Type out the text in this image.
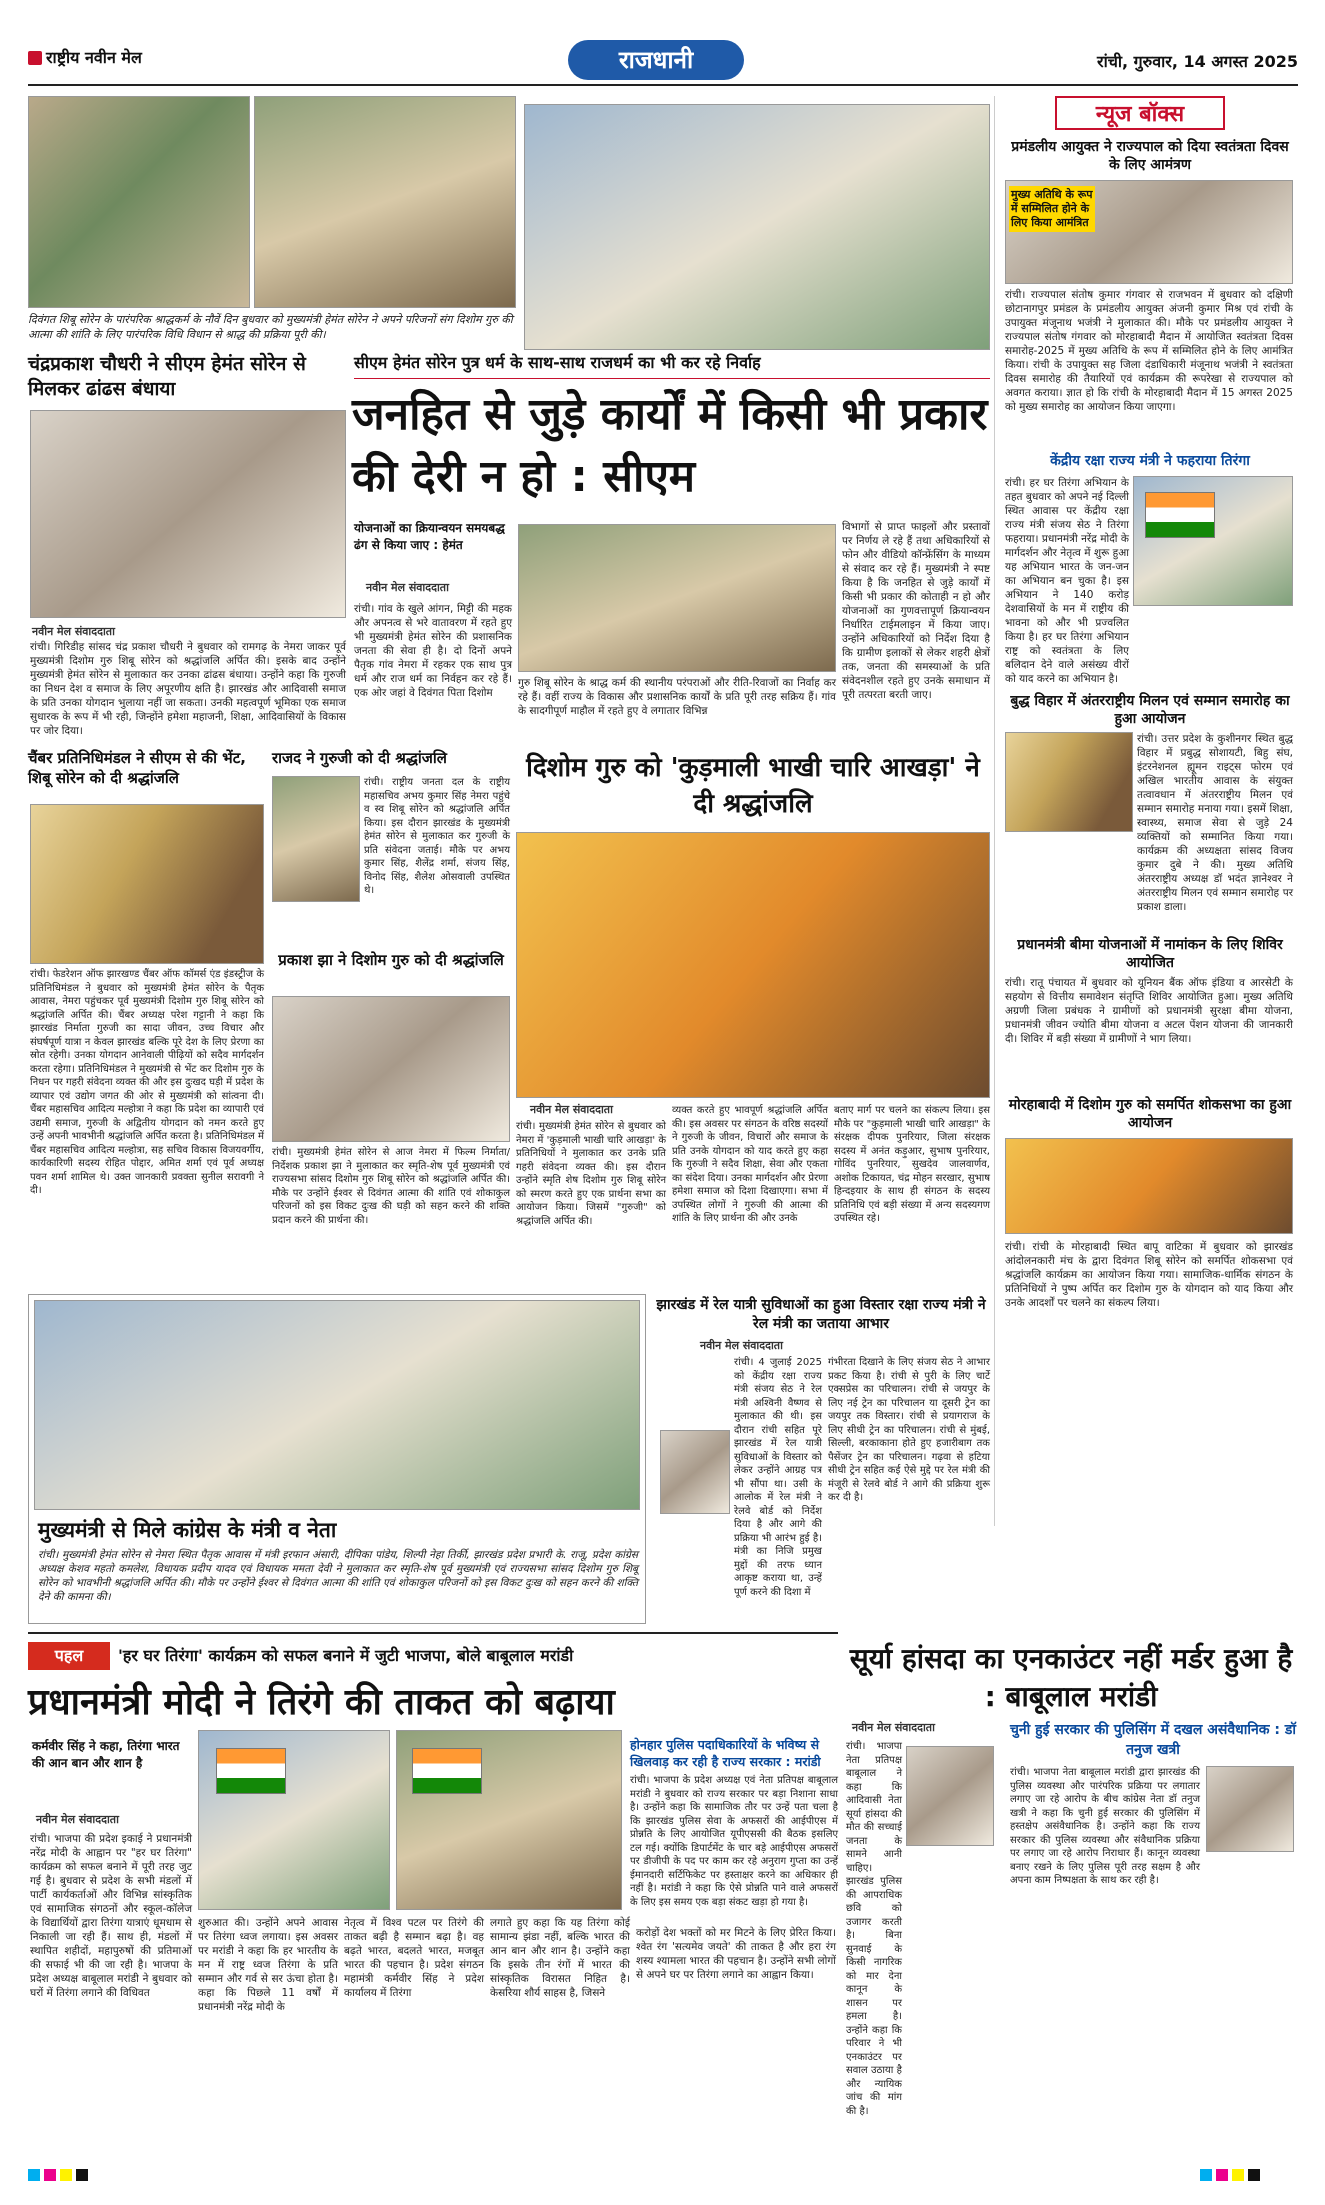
राष्ट्रीय नवीन मेल	राजधानी	रांची, गुरुवार, 14 अगस्त 2025
दिवंगत शिबू सोरेन के पारंपरिक श्राद्धकर्म के नौवें दिन बुधवार को मुख्यमंत्री हेमंत सोरेन ने अपने परिजनों संग दिशोम गुरु की आत्मा की शांति के लिए पारंपरिक विधि विधान से श्राद्ध की प्रक्रिया पूरी की।
न्यूज बॉक्स
प्रमंडलीय आयुक्त ने राज्यपाल को दिया स्वतंत्रता दिवस के लिए आमंत्रण
मुख्य अतिथि के रूप में सम्मिलित होने के लिए किया आमंत्रित
रांची। राज्यपाल संतोष कुमार गंगवार से राजभवन में बुधवार को दक्षिणी छोटानागपुर प्रमंडल के प्रमंडलीय आयुक्त अंजनी कुमार मिश्र एवं रांची के उपायुक्त मंजूनाथ भजंत्री ने मुलाकात की। मौके पर प्रमंडलीय आयुक्त ने राज्यपाल संतोष गंगवार को मोरहाबादी मैदान में आयोजित स्वतंत्रता दिवस समारोह-2025 में मुख्य अतिथि के रूप में सम्मिलित होने के लिए आमंत्रित किया। रांची के उपायुक्त सह जिला दंडाधिकारी मंजूनाथ भजंत्री ने स्वतंत्रता दिवस समारोह की तैयारियों एवं कार्यक्रम की रूपरेखा से राज्यपाल को अवगत कराया। ज्ञात हो कि रांची के मोरहाबादी मैदान में 15 अगस्त 2025 को मुख्य समारोह का आयोजन किया जाएगा।
केंद्रीय रक्षा राज्य मंत्री ने फहराया तिरंगा
रांची। हर घर तिरंगा अभियान के तहत बुधवार को अपने नई दिल्ली स्थित आवास पर केंद्रीय रक्षा राज्य मंत्री संजय सेठ ने तिरंगा फहराया। प्रधानमंत्री नरेंद्र मोदी के मार्गदर्शन और नेतृत्व में शुरू हुआ यह अभियान भारत के जन-जन का अभियान बन चुका है। इस अभियान ने 140 करोड़ देशवासियों के मन में राष्ट्रीय की भावना को और भी प्रज्वलित किया है। हर घर तिरंगा अभियान राष्ट्र को स्वतंत्रता के लिए बलिदान देने वाले असंख्य वीरों को याद करने का अभियान है।
बुद्ध विहार में अंतरराष्ट्रीय मिलन एवं सम्मान समारोह का हुआ आयोजन
रांची। उत्तर प्रदेश के कुशीनगर स्थित बुद्ध विहार में प्रबुद्ध सोशायटी, बिहु संघ, इंटरनेशनल ह्यूमन राइट्स फोरम एवं अखिल भारतीय आवास के संयुक्त तत्वावधान में अंतरराष्ट्रीय मिलन एवं सम्मान समारोह मनाया गया। इसमें शिक्षा, स्वास्थ्य, समाज सेवा से जुड़े 24 व्यक्तियों को सम्मानित किया गया। कार्यक्रम की अध्यक्षता सांसद विजय कुमार दुबे ने की। मुख्य अतिथि अंतरराष्ट्रीय अध्यक्ष डॉ भदंत ज्ञानेश्वर ने अंतरराष्ट्रीय मिलन एवं सम्मान समारोह पर प्रकाश डाला।
प्रधानमंत्री बीमा योजनाओं में नामांकन के लिए शिविर आयोजित
रांची। रातू पंचायत में बुधवार को यूनियन बैंक ऑफ इंडिया व आरसेटी के सहयोग से वित्तीय समावेशन संतृप्ति शिविर आयोजित हुआ। मुख्य अतिथि अग्रणी जिला प्रबंधक ने ग्रामीणों को प्रधानमंत्री सुरक्षा बीमा योजना, प्रधानमंत्री जीवन ज्योति बीमा योजना व अटल पेंशन योजना की जानकारी दी। शिविर में बड़ी संख्या में ग्रामीणों ने भाग लिया।
मोरहाबादी में दिशोम गुरु को समर्पित शोकसभा का हुआ आयोजन
रांची। रांची के मोरहाबादी स्थित बापू वाटिका में बुधवार को झारखंड आंदोलनकारी मंच के द्वारा दिवंगत शिबू सोरेन को समर्पित शोकसभा एवं श्रद्धांजलि कार्यक्रम का आयोजन किया गया। सामाजिक-धार्मिक संगठन के प्रतिनिधियों ने पुष्प अर्पित कर दिशोम गुरु के योगदान को याद किया और उनके आदर्शों पर चलने का संकल्प लिया।
चंद्रप्रकाश चौधरी ने सीएम हेमंत सोरेन से मिलकर ढांढस बंधाया
नवीन मेल संवाददाता
रांची। गिरिडीह सांसद चंद्र प्रकाश चौधरी ने बुधवार को रामगढ़ के नेमरा जाकर पूर्व मुख्यमंत्री दिशोम गुरु शिबू सोरेन को श्रद्धांजलि अर्पित की। इसके बाद उन्होंने मुख्यमंत्री हेमंत सोरेन से मुलाकात कर उनका ढांढस बंधाया। उन्होंने कहा कि गुरुजी का निधन देश व समाज के लिए अपूरणीय क्षति है। झारखंड और आदिवासी समाज के प्रति उनका योगदान भुलाया नहीं जा सकता। उनकी महत्वपूर्ण भूमिका एक समाज सुधारक के रूप में भी रही, जिन्होंने हमेशा महाजनी, शिक्षा, आदिवासियों के विकास पर जोर दिया।
सीएम हेमंत सोरेन पुत्र धर्म के साथ-साथ राजधर्म का भी कर रहे निर्वाह
जनहित से जुड़े कार्यों में किसी भी प्रकार की देरी न हो : सीएम
योजनाओं का क्रियान्वयन समयबद्ध ढंग से किया जाए : हेमंत
नवीन मेल संवाददाता
रांची। गांव के खुले आंगन, मिट्टी की महक और अपनत्व से भरे वातावरण में रहते हुए भी मुख्यमंत्री हेमंत सोरेन की प्रशासनिक जनता की सेवा ही है। दो दिनों अपने पैतृक गांव नेमरा में रहकर एक साथ पुत्र धर्म और राज धर्म का निर्वहन कर रहे हैं। एक ओर जहां वे दिवंगत पिता दिशोम
गुरु शिबू सोरेन के श्राद्ध कर्म की स्थानीय परंपराओं और रीति-रिवाजों का निर्वाह कर रहे हैं। वहीं राज्य के विकास और प्रशासनिक कार्यों के प्रति पूरी तरह सक्रिय हैं। गांव के सादगीपूर्ण माहौल में रहते हुए वे लगातार विभिन्न
विभागों से प्राप्त फाइलों और प्रस्तावों पर निर्णय ले रहे हैं तथा अधिकारियों से फोन और वीडियो कॉन्फ्रेंसिंग के माध्यम से संवाद कर रहे हैं। मुख्यमंत्री ने स्पष्ट किया है कि जनहित से जुड़े कार्यों में किसी भी प्रकार की कोताही न हो और योजनाओं का गुणवत्तापूर्ण क्रियान्वयन निर्धारित टाईमलाइन में किया जाए। उन्होंने अधिकारियों को निर्देश दिया है कि ग्रामीण इलाकों से लेकर शहरी क्षेत्रों तक, जनता की समस्याओं के प्रति संवेदनशील रहते हुए उनके समाधान में पूरी तत्परता बरती जाए।
चैंबर प्रतिनिधिमंडल ने सीएम से की भेंट, शिबू सोरेन को दी श्रद्धांजलि
रांची। फेडरेशन ऑफ झारखण्ड चैंबर ऑफ कॉमर्स एंड इंडस्ट्रीज के प्रतिनिधिमंडल ने बुधवार को मुख्यमंत्री हेमंत सोरेन के पैतृक आवास, नेमरा पहुंचकर पूर्व मुख्यमंत्री दिशोम गुरु शिबू सोरेन को श्रद्धांजलि अर्पित की। चैंबर अध्यक्ष परेश गट्टानी ने कहा कि झारखंड निर्माता गुरुजी का सादा जीवन, उच्च विचार और संघर्षपूर्ण यात्रा न केवल झारखंड बल्कि पूरे देश के लिए प्रेरणा का स्रोत रहेगी। उनका योगदान आनेवाली पीढ़ियों को सदैव मार्गदर्शन करता रहेगा। प्रतिनिधिमंडल ने मुख्यमंत्री से भेंट कर दिशोम गुरु के निधन पर गहरी संवेदना व्यक्त की और इस दुःखद घड़ी में प्रदेश के व्यापार एवं उद्योग जगत की ओर से मुख्यमंत्री को सांत्वना दी। चैंबर महासचिव आदित्य मल्होत्रा ने कहा कि प्रदेश का व्यापारी एवं उद्यमी समाज, गुरुजी के अद्वितीय योगदान को नमन करते हुए उन्हें अपनी भावभीनी श्रद्धांजलि अर्पित करता है। प्रतिनिधिमंडल में चैंबर महासचिव आदित्य मल्होत्रा, सह सचिव विकास विजयवर्गीय, कार्यकारिणी सदस्य रोहित पोद्दार, अमित शर्मा एवं पूर्व अध्यक्ष पवन शर्मा शामिल थे। उक्त जानकारी प्रवक्ता सुनील सरावगी ने दी।
राजद ने गुरुजी को दी श्रद्धांजलि
रांची। राष्ट्रीय जनता दल के राष्ट्रीय महासचिव अभय कुमार सिंह नेमरा पहुंचे व स्व शिबू सोरेन को श्रद्धांजलि अर्पित किया। इस दौरान झारखंड के मुख्यमंत्री हेमंत सोरेन से मुलाकात कर गुरुजी के प्रति संवेदना जताई। मौके पर अभय कुमार सिंह, शैलेंद्र शर्मा, संजय सिंह, विनोद सिंह, शैलेश ओसवाली उपस्थित थे।
प्रकाश झा ने दिशोम गुरु को दी श्रद्धांजलि
रांची। मुख्यमंत्री हेमंत सोरेन से आज नेमरा में फिल्म निर्माता/ निर्देशक प्रकाश झा ने मुलाकात कर स्मृति-शेष पूर्व मुख्यमंत्री एवं राज्यसभा सांसद दिशोम गुरु शिबू सोरेन को श्रद्धांजलि अर्पित की। मौके पर उन्होंने ईश्वर से दिवंगत आत्मा की शांति एवं शोकाकुल परिजनों को इस विकट दुःख की घड़ी को सहन करने की शक्ति प्रदान करने की प्रार्थना की।
दिशोम गुरु को 'कुड़माली भाखी चारि आखड़ा' ने दी श्रद्धांजलि
नवीन मेल संवाददाता
रांची। मुख्यमंत्री हेमंत सोरेन से बुधवार को नेमरा में 'कुड़माली भाखी चारि आखड़ा' के प्रतिनिधियों ने मुलाकात कर उनके प्रति गहरी संवेदना व्यक्त की। इस दौरान उन्होंने स्मृति शेष दिशोम गुरु शिबू सोरेन को स्मरण करते हुए एक प्रार्थना सभा का आयोजन किया। जिसमें "गुरुजी" को श्रद्धांजलि अर्पित की।
व्यक्त करते हुए भावपूर्ण श्रद्धांजलि अर्पित की। इस अवसर पर संगठन के वरिष्ठ सदस्यों ने गुरुजी के जीवन, विचारों और समाज के प्रति उनके योगदान को याद करते हुए कहा कि गुरुजी ने सदैव शिक्षा, सेवा और एकता का संदेश दिया। उनका मार्गदर्शन और प्रेरणा हमेशा समाज को दिशा दिखाएगा। सभा में उपस्थित लोगों ने गुरुजी की आत्मा की शांति के लिए प्रार्थना की और उनके
बताए मार्ग पर चलने का संकल्प लिया। इस मौके पर "कुड़माली भाखी चारि आखड़ा" के संरक्षक दीपक पुनरियार, जिला संरक्षक सदस्य में अनंत कड़ुआर, सुभाष पुनरियार, गोविंद पुनरियार, सुखदेव जालवार्णव, अशोक टिकायत, चंद्र मोहन सरखार, सुभाष हिन्दइयार के साथ ही संगठन के सदस्य प्रतिनिधि एवं बड़ी संख्या में अन्य सदस्यगण उपस्थित रहे।
मुख्यमंत्री से मिले कांग्रेस के मंत्री व नेता
रांची। मुख्यमंत्री हेमंत सोरेन से नेमरा स्थित पैतृक आवास में मंत्री इरफान अंसारी, दीपिका पांडेय, शिल्पी नेहा तिर्की, झारखंड प्रदेश प्रभारी के. राजू, प्रदेश कांग्रेस अध्यक्ष केशव महतो कमलेश, विधायक प्रदीप यादव एवं विधायक ममता देवी ने मुलाकात कर स्मृति-शेष पूर्व मुख्यमंत्री एवं राज्यसभा सांसद दिशोम गुरु शिबू सोरेन को भावभीनी श्रद्धांजलि अर्पित की। मौके पर उन्होंने ईश्वर से दिवंगत आत्मा की शांति एवं शोकाकुल परिजनों को इस विकट दुःख को सहन करने की शक्ति देने की कामना की।
झारखंड में रेल यात्री सुविधाओं का हुआ विस्तार रक्षा राज्य मंत्री ने रेल मंत्री का जताया आभार
नवीन मेल संवाददाता
रांची। 4 जुलाई 2025 को केंद्रीय रक्षा राज्य मंत्री संजय सेठ ने रेल मंत्री अश्विनी वैष्णव से मुलाकात की थी। इस दौरान रांची सहित पूरे झारखंड में रेल यात्री सुविधाओं के विस्तार को लेकर उन्होंने आग्रह पत्र भी सौंपा था। उसी के आलोक में रेल मंत्री ने रेलवे बोर्ड को निर्देश दिया है और आगे की प्रक्रिया भी आरंभ हुई है। मंत्री का निजि प्रमुख मुद्दों की तरफ ध्यान आकृष्ट कराया था, उन्हें पूर्ण करने की दिशा में
गंभीरता दिखाने के लिए संजय सेठ ने आभार प्रकट किया है। रांची से पुरी के लिए चार्टे एक्सप्रेस का परिचालन। रांची से जयपुर के लिए नई ट्रेन का परिचालन या दूसरी ट्रेन का जयपुर तक विस्तार। रांची से प्रयागराज के लिए सीधी ट्रेन का परिचालन। रांची से मुंबई, सिल्ली, बरकाकाना होते हुए हजारीबाग तक पैसेंजर ट्रेन का परिचालन। गढ़वा से हटिया सीधी ट्रेन सहित कई ऐसे मुद्दे पर रेल मंत्री की मंजूरी से रेलवे बोर्ड ने आगे की प्रक्रिया शुरू कर दी है।
पहल	'हर घर तिरंगा' कार्यक्रम को सफल बनाने में जुटी भाजपा, बोले बाबूलाल मरांडी
प्रधानमंत्री मोदी ने तिरंगे की ताकत को बढ़ाया
कर्मवीर सिंह ने कहा, तिरंगा भारत की आन बान और शान है
नवीन मेल संवाददाता
रांची। भाजपा की प्रदेश इकाई ने प्रधानमंत्री नरेंद्र मोदी के आह्वान पर "हर घर तिरंगा" कार्यक्रम को सफल बनाने में पूरी तरह जुट गई है। बुधवार से प्रदेश के सभी मंडलों में पार्टी कार्यकर्ताओं और विभिन्न सांस्कृतिक एवं सामाजिक संगठनों और स्कूल-कॉलेज के विद्यार्थियों द्वारा तिरंगा यात्राएं धूमधाम से निकाली जा रही हैं। साथ ही, मंडलों में स्थापित शहीदों, महापुरुषों की प्रतिमाओं की सफाई भी की जा रही है। भाजपा के प्रदेश अध्यक्ष बाबूलाल मरांडी ने बुधवार को घरों में तिरंगा लगाने की विधिवत
शुरुआत की। उन्होंने अपने आवास पर तिरंगा ध्वज लगाया। इस अवसर पर मरांडी ने कहा कि हर भारतीय के मन में राष्ट्र ध्वज तिरंगा के प्रति सम्मान और गर्व से सर ऊंचा होता है। कहा कि पिछले 11 वर्षों में प्रधानमंत्री नरेंद्र मोदी के
नेतृत्व में विश्व पटल पर तिरंगे की ताकत बढ़ी है सम्मान बढ़ा है। वह बढ़ते भारत, बदलते भारत, मजबूत भारत की पहचान है। प्रदेश संगठन महामंत्री कर्मवीर सिंह ने प्रदेश कार्यालय में तिरंगा
लगाते हुए कहा कि यह तिरंगा कोई सामान्य झंडा नहीं, बल्कि भारत की आन बान और शान है। उन्होंने कहा कि इसके तीन रंगों में भारत की सांस्कृतिक विरासत निहित है। केसरिया शौर्य साहस है, जिसने
होनहार पुलिस पदाधिकारियों के भविष्य से खिलवाड़ कर रही है राज्य सरकार : मरांडी
रांची। भाजपा के प्रदेश अध्यक्ष एवं नेता प्रतिपक्ष बाबूलाल मरांडी ने बुधवार को राज्य सरकार पर बड़ा निशाना साधा है। उन्होंने कहा कि सामाजिक तौर पर उन्हें पता चला है कि झारखंड पुलिस सेवा के अफसरों की आईपीएस में प्रोन्नति के लिए आयोजित यूपीएससी की बैठक इसलिए टल गई। क्योंकि डिपार्टमेंट के चार बड़े आईपीएस अफसरों पर डीजीपी के पद पर काम कर रहे अनुराग गुप्ता का उन्हें ईमानदारी सर्टिफिकेट पर हस्ताक्षर करने का अधिकार ही नहीं है। मरांडी ने कहा कि ऐसे प्रोन्नति पाने वाले अफसरों के लिए इस समय एक बड़ा संकट खड़ा हो गया है।
करोड़ों देश भक्तों को मर मिटने के लिए प्रेरित किया। श्वेत रंग 'सत्यमेव जयते' की ताकत है और हरा रंग शस्य श्यामला भारत की पहचान है। उन्होंने सभी लोगों से अपने घर पर तिरंगा लगाने का आह्वान किया।
सूर्या हांसदा का एनकाउंटर नहीं मर्डर हुआ है : बाबूलाल मरांडी
नवीन मेल संवाददाता
रांची। भाजपा नेता प्रतिपक्ष बाबूलाल ने कहा कि आदिवासी नेता सूर्या हांसदा की मौत की सच्चाई जनता के सामने आनी चाहिए। झारखंड पुलिस की आपराधिक छवि को उजागर करती है। बिना सुनवाई के किसी नागरिक को मार देना कानून के शासन पर हमला है। उन्होंने कहा कि परिवार ने भी एनकाउंटर पर सवाल उठाया है और न्यायिक जांच की मांग की है।
चुनी हुई सरकार की पुलिसिंग में दखल असंवैधानिक : डॉ तनुज खत्री
रांची। भाजपा नेता बाबूलाल मरांडी द्वारा झारखंड की पुलिस व्यवस्था और पारंपरिक प्रक्रिया पर लगातार लगाए जा रहे आरोप के बीच कांग्रेस नेता डॉ तनुज खत्री ने कहा कि चुनी हुई सरकार की पुलिसिंग में हस्तक्षेप असंवैधानिक है। उन्होंने कहा कि राज्य सरकार की पुलिस व्यवस्था और संवैधानिक प्रक्रिया पर लगाए जा रहे आरोप निराधार हैं। कानून व्यवस्था बनाए रखने के लिए पुलिस पूरी तरह सक्षम है और अपना काम निष्पक्षता के साथ कर रही है।
